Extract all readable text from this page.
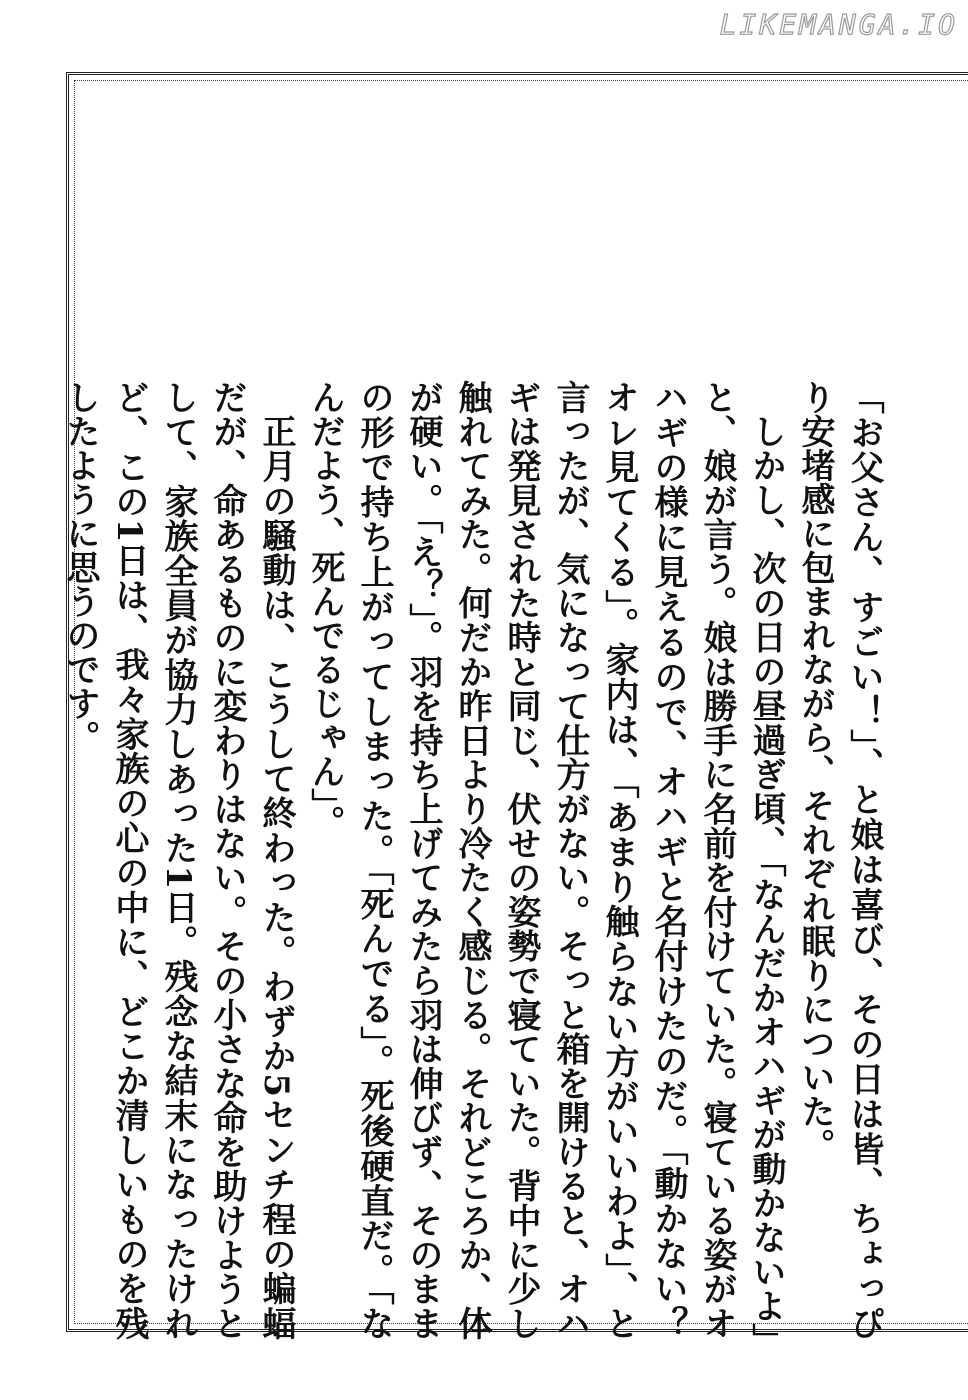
LIKEMANGA.IO

「お父さん、すごい！」、と娘は喜び、その日は皆、ちょっぴり安堵感に包まれながら、それぞれ眠りについた。

しかし、次の日の昼過ぎ頃、「なんだかオハギが動かないよ」と、娘が言う。娘は勝手に名前を付けていた。寝ている姿がオハギの様に見えるので、オハギと名付けたのだ。「動かない？　オレ見てくる」。家内は、「あまり触らない方がいいわよ」、と言ったが、気になって仕方がない。そっと箱を開けると、オハギは発見された時と同じ、伏せの姿勢で寝ていた。背中に少し触れてみた。何だか昨日より冷たく感じる。それどころか、体が硬い。「え？」。羽を持ち上げてみたら羽は伸びず、そのままの形で持ち上がってしまった。「死んでる」。死後硬直だ。「なんだよう、死んでるじゃん」。

正月の騒動は、こうして終わった。わずか5センチ程の蝙蝠だが、命あるものに変わりはない。その小さな命を助けようとして、家族全員が協力しあった1日。残念な結末になったけれど、この1日は、我々家族の心の中に、どこか清しいものを残したように思うのです。
